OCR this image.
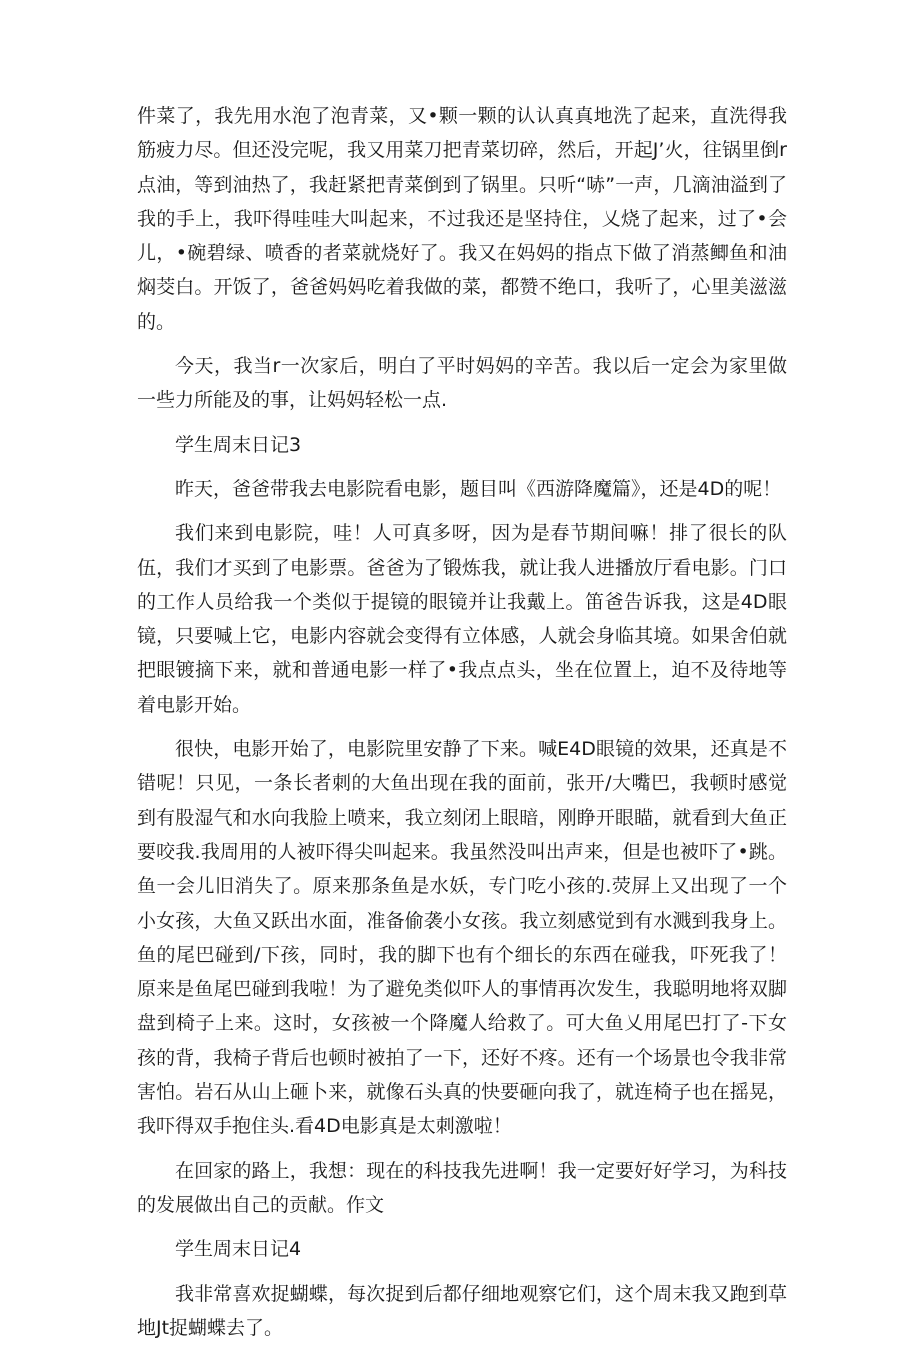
件菜了，我先用水泡了泡青菜，又•颗一颗的认认真真地洗了起来，直洗得我筋疲力尽。但还没完呢，我又用菜刀把青菜切碎，然后，开起J’火，往锅里倒r点油，等到油热了，我赶紧把青菜倒到了锅里。只听“哧”一声，几滴油溢到了我的手上，我吓得哇哇大叫起来，不过我还是坚持住，乂烧了起来，过了•会儿，•碗碧绿、喷香的者菜就烧好了。我又在妈妈的指点下做了消蒸鲫鱼和油焖茭白。开饭了，爸爸妈妈吃着我做的菜，都赞不绝口，我听了，心里美滋滋的。

今天，我当r一次家后，明白了平时妈妈的辛苦。我以后一定会为家里做一些力所能及的事，让妈妈轻松一点.

学生周末日记3

昨天，爸爸带我去电影院看电影，题目叫《西游降魔篇》，还是4D的呢！

我们来到电影院，哇！人可真多呀，因为是春节期间嘛！排了很长的队伍，我们才买到了电影票。爸爸为了锻炼我，就让我人进播放厅看电影。门口的工作人员给我一个类似于提镜的眼镜并让我戴上。笛爸告诉我，这是4D眼镜，只要喊上它，电影内容就会变得有立体感，人就会身临其境。如果舍伯就把眼镀摘下来，就和普通电影一样了•我点点头，坐在位置上，迫不及待地等着电影开始。

很快，电影开始了，电影院里安静了下来。喊E4D眼镜的效果，还真是不错呢！只见，一条长者刺的大鱼出现在我的面前，张开/大嘴巴，我顿时感觉到有股湿气和水向我脸上喷来，我立刻闭上眼暗，刚睁开眼瞄，就看到大鱼正要咬我.我周用的人被吓得尖叫起来。我虽然没叫出声来，但是也被吓了•跳。鱼一会儿旧消失了。原来那条鱼是水妖，专门吃小孩的.荧屏上又出现了一个小女孩，大鱼又跃出水面，准备偷袭小女孩。我立刻感觉到有水溅到我身上。鱼的尾巴碰到/下孩，同时，我的脚下也有个细长的东西在碰我，吓死我了！原来是鱼尾巴碰到我啦！为了避免类似吓人的事情再次发生，我聪明地将双脚盘到椅子上来。这时，女孩被一个降魔人给救了。可大鱼乂用尾巴打了-下女孩的背，我椅子背后也顿时被拍了一下，还好不疼。还有一个场景也令我非常害怕。岩石从山上砸卜来，就像石头真的快要砸向我了，就连椅子也在摇晃，我吓得双手抱住头.看4D电影真是太刺激啦！

在回家的路上，我想：现在的科技我先进啊！我一定要好好学习，为科技的发展做出自己的贡献。作文

学生周末日记4

我非常喜欢捉蝴蝶，每次捉到后都仔细地观察它们，这个周末我又跑到草地Jt捉蝴蝶去了。
